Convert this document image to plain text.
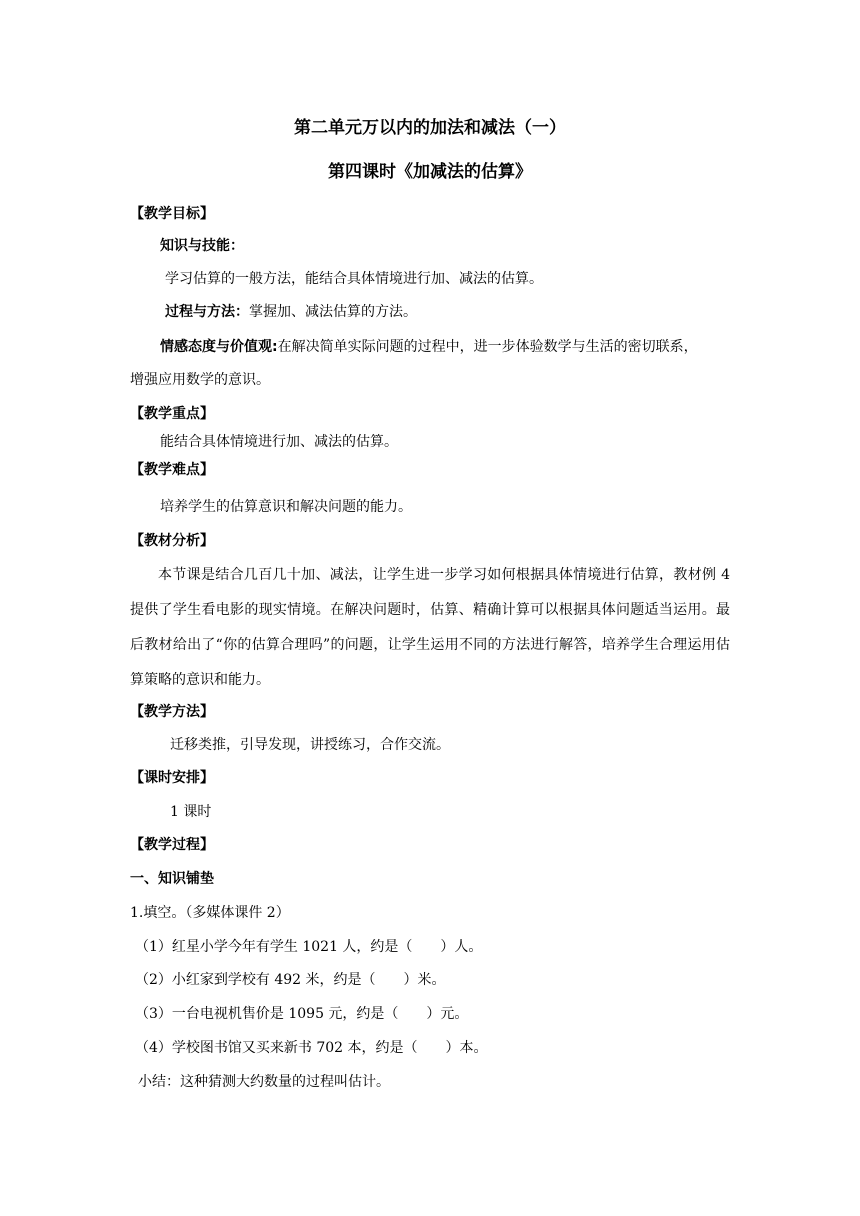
第二单元万以内的加法和减法（一）
第四课时《加减法的估算》
【教学目标】
知识与技能：
学习估算的一般方法，能结合具体情境进行加、减法的估算。
过程与方法：掌握加、减法估算的方法。
情感态度与价值观:在解决简单实际问题的过程中，进一步体验数学与生活的密切联系，
增强应用数学的意识。
【教学重点】
能结合具体情境进行加、减法的估算。
【教学难点】
培养学生的估算意识和解决问题的能力。
【教材分析】
本节课是结合几百几十加、减法，让学生进一步学习如何根据具体情境进行估算，教材例 4 提供了学生看电影的现实情境。在解决问题时，估算、精确计算可以根据具体问题适当运用。最后教材给出了“你的估算合理吗”的问题，让学生运用不同的方法进行解答，培养学生合理运用估算策略的意识和能力。
【教学方法】
迁移类推，引导发现，讲授练习，合作交流。
【课时安排】
1 课时
【教学过程】
一、知识铺垫
1.填空。（多媒体课件 2）
（1）红星小学今年有学生 1021 人，约是（　　）人。
（2）小红家到学校有 492 米，约是（　　）米。
（3）一台电视机售价是 1095 元，约是（　　）元。
（4）学校图书馆又买来新书 702 本，约是（　　）本。
小结：这种猜测大约数量的过程叫估计。
